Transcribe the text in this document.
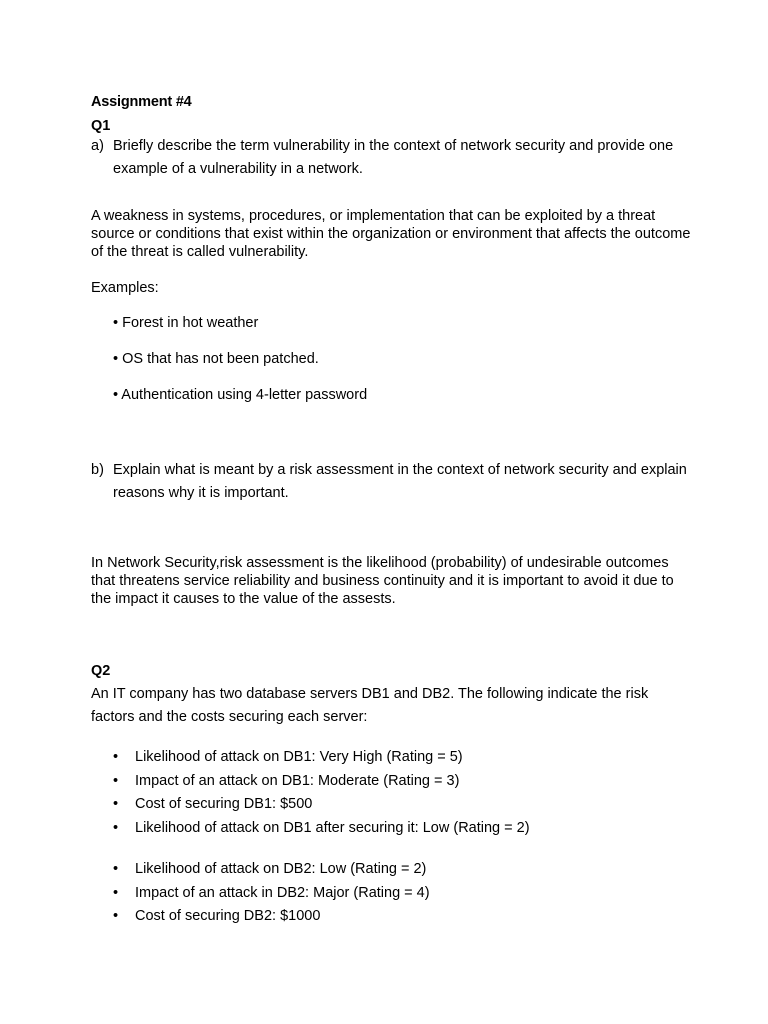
Assignment #4
Q1
a) Briefly describe the term vulnerability in the context of network security and provide one example of a vulnerability in a network.
A weakness in systems, procedures, or implementation that can be exploited by a threat source or conditions that exist within the organization or environment that affects the outcome of the threat is called vulnerability.
Examples:
• Forest in hot weather
• OS that has not been patched.
• Authentication using 4-letter password
b) Explain what is meant by a risk assessment in the context of network security and explain reasons why it is important.
In Network Security,risk assessment is the likelihood (probability) of undesirable outcomes that threatens service reliability and business continuity and it is important to avoid it due to the impact it causes to the value of the assests.
Q2
An IT company has two database servers DB1 and DB2. The following indicate the risk factors and the costs securing each server:
• Likelihood of attack on DB1: Very High (Rating = 5)
• Impact of an attack on DB1: Moderate (Rating = 3)
• Cost of securing DB1: $500
• Likelihood of attack on DB1 after securing it: Low (Rating = 2)
• Likelihood of attack on DB2: Low (Rating = 2)
• Impact of an attack in DB2: Major (Rating = 4)
• Cost of securing DB2: $1000
